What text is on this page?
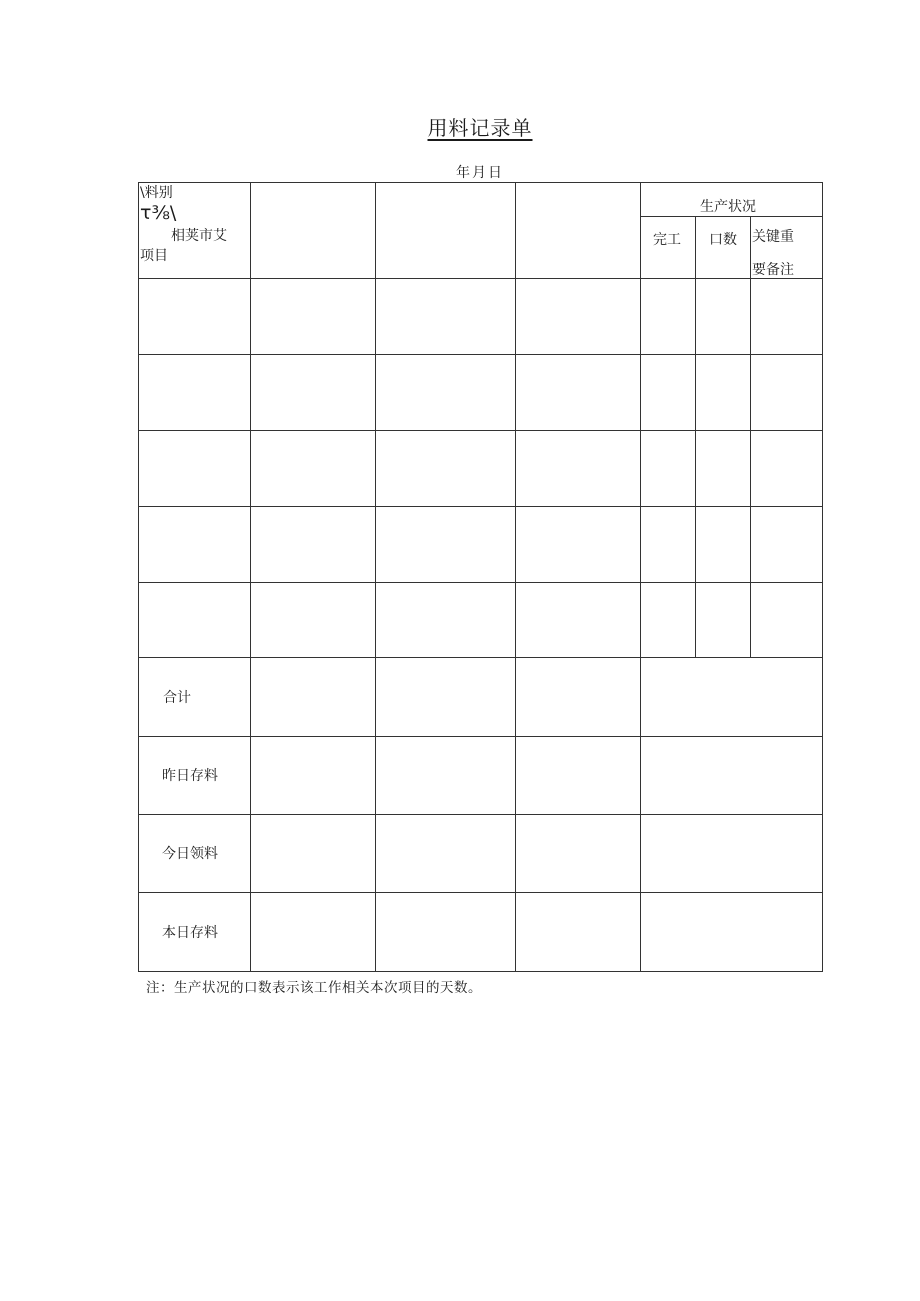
用料记录单
年月日
\料别
τ⅜\
相荚市艾
项目
生产状况
完工 口数 关键重
要备注
合计
昨日存料
今日领料
本日存料
注：生产状况的口数表示该工作相关本次项目的天数。
